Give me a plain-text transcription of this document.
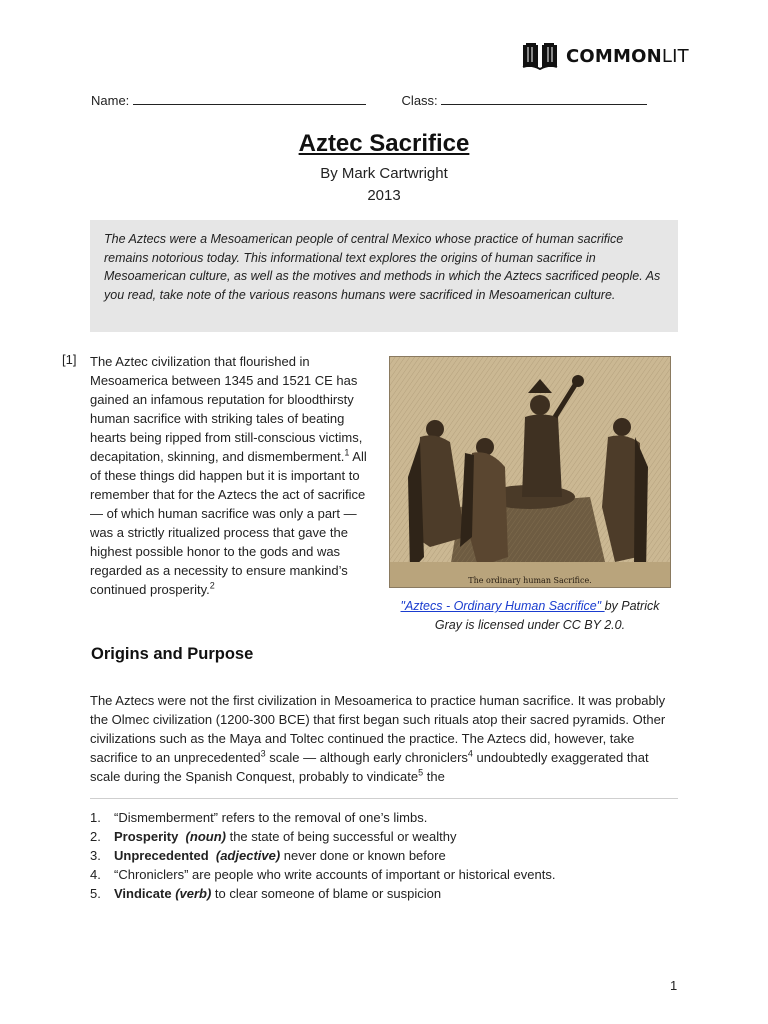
COMMONLIT
Name:	Class:
Aztec Sacrifice
By Mark Cartwright
2013
The Aztecs were a Mesoamerican people of central Mexico whose practice of human sacrifice remains notorious today. This informational text explores the origins of human sacrifice in Mesoamerican culture, as well as the motives and methods in which the Aztecs sacrificed people. As you read, take note of the various reasons humans were sacrificed in Mesoamerican culture.
[1] The Aztec civilization that flourished in Mesoamerica between 1345 and 1521 CE has gained an infamous reputation for bloodthirsty human sacrifice with striking tales of beating hearts being ripped from still-conscious victims, decapitation, skinning, and dismemberment.$^1$ All of these things did happen but it is important to remember that for the Aztecs the act of sacrifice — of which human sacrifice was only a part — was a strictly ritualized process that gave the highest possible honor to the gods and was regarded as a necessity to ensure mankind’s continued prosperity.$^2$
The ordinary human Sacrifice.
"Aztecs - Ordinary Human Sacrifice" by Patrick Gray is licensed under CC BY 2.0.
Origins and Purpose
The Aztecs were not the first civilization in Mesoamerica to practice human sacrifice. It was probably the Olmec civilization (1200-300 BCE) that first began such rituals atop their sacred pyramids. Other civilizations such as the Maya and Toltec continued the practice. The Aztecs did, however, take sacrifice to an unprecedented$^3$ scale — although early chroniclers$^4$ undoubtedly exaggerated that scale during the Spanish Conquest, probably to vindicate$^5$ the
1.	“Dismemberment” refers to the removal of one’s limbs.
2.	Prosperity (noun) the state of being successful or wealthy
3.	Unprecedented (adjective) never done or known before
4.	“Chroniclers” are people who write accounts of important or historical events.
5.	Vindicate (verb) to clear someone of blame or suspicion
1
